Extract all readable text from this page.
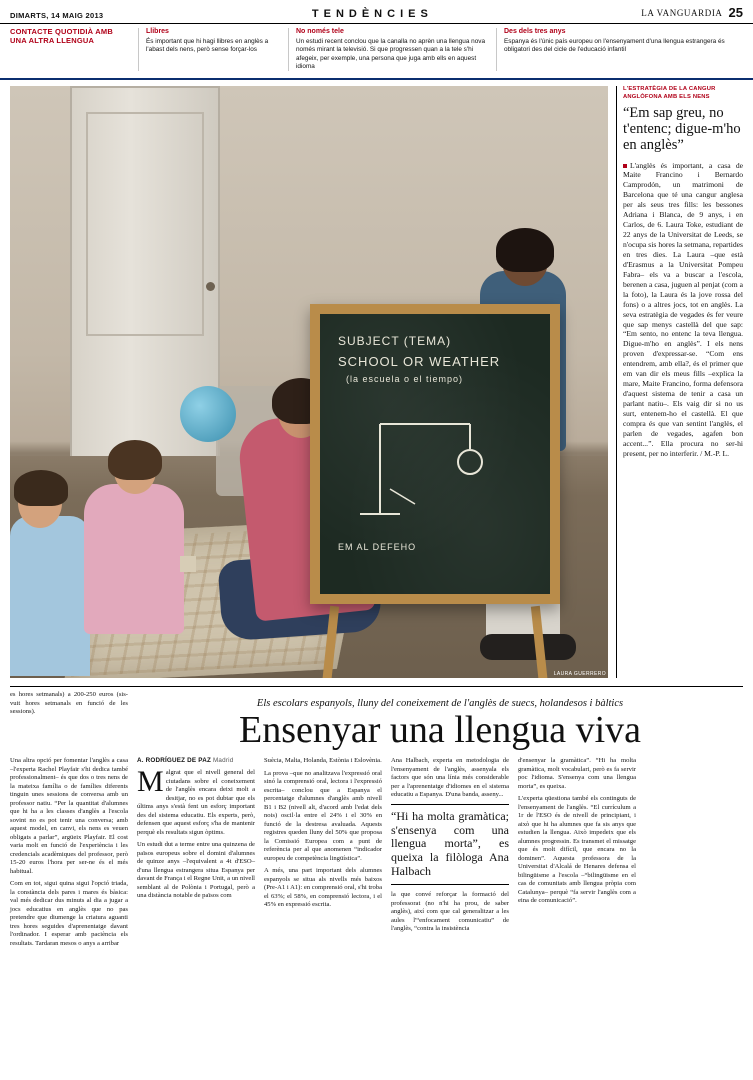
DIMARTS, 14 MAIG 2013	TENDÈNCIES	LA VANGUARDIA 25
CONTACTE QUOTIDIÀ AMB UNA ALTRA LLENGUA
Llibres
És important que hi hagi llibres en anglès a l'abast dels nens, però sense forçar-los
No només tele
Un estudi recent conclou que la canalla no aprèn una llengua nova només mirant la televisió. Si que progressen quan a la tele s'hi afegeix, per exemple, una persona que juga amb ells en aquest idioma
Des dels tres anys
Espanya és l'únic país europeu on l'ensenyament d'una llengua estrangera és obligatori des del cicle de l'educació infantil
SUBJECT (TEMA)
SCHOOL OR WEATHER
(la escuela o el tiempo)
EM AL DEFEHO
LAURA GUERRERO
L'ESTRATÈGIA DE LA CANGUR ANGLÒFONA AMB ELS NENS
“Em sap greu, no t'entenc; digue-m'ho en anglès”
L'anglès és important, a casa de Maite Francino i Bernardo Camprodón, un matrimoni de Barcelona que té una cangur anglesa per als seus tres fills: les bessones Adriana i Blanca, de 9 anys, i en Carlos, de 6. Laura Toke, estudiant de 22 anys de la Universitat de Leeds, se n'ocupa sis hores la setmana, repartides en tres dies. La Laura –que està d'Erasmus a la Universitat Pompeu Fabra– els va a buscar a l'escola, berenen a casa, juguen al penjat (com a la foto), la Laura és la jove rossa del fons) o a altres jocs, tot en anglès. La seva estratègia de vegades és fer veure que sap menys castellà del que sap: “Em sento, no entenc la teva llengua. Digue-m'ho en anglès”. I els nens proven d'expressar-se. “Com ens entendrem, amb ella?, és el primer que em van dir els meus fills –explica la mare, Maite Francino, forma defensora d'aquest sistema de tenir a casa un parlant natiu–. Els vaig dir si no us surt, entenem-ho el castellà. El que compra és que van sentint l'anglès, el parlen de vegades, agafen bon accent...”. Ella procura no ser-hi present, per no interferir. / M.-P. L.

es hores setmanals) a 200-250 euros (sis-vuit hores setmanals en funció de les sessions).

Els escolars espanyols, lluny del coneixement de l'anglès de suecs, holandesos i bàltics
Ensenyar una llengua viva

Una altra opció per fomentar l'anglès a casa –l'experta Rachel Playfair s'hi dedica també professionalment– és que dos o tres nens de la mateixa família o de famílies diferents tinguin unes sessions de conversa amb un professor natiu. “Per la quantitat d'alumnes que hi ha a les classes d'anglès a l'escola sovint no es pot tenir una conversa; amb aquest model, en canvi, els nens es veuen obligats a parlar”, argüeix Playfair. El cost varia molt en funció de l'experiència i les credencials acadèmiques del professor, però 15-20 euros l'hora per ser-ne és el més habitual.

Com en tot, sigui quina sigui l'opció triada, la constància dels pares i mares és bàsica: val més dedicar dus minuts al dia a jugar a jocs educatius en anglès que no pas pretendre que diumenge la criatura aguanti tres hores seguides d'aprenentatge davant l'ordinador. I esperar amb paciència els resultats. Tardaran mesos o anys a arribar

A. RODRÍGUEZ DE PAZ Madrid

Malgrat que el nivell general del ciutadans sobre el coneixement de l'anglès encara deixi molt a desitjar, no es pot dubtar que els últims anys s'està fent un esforç important des del sistema educatiu. Els experts, però, defensen que aquest esforç s'ha de mantenir perquè els resultats sigun òptims.

Un estudi dut a terme entre una quinzena de països europeus sobre el domini d'alumnes de quinze anys –l'equivalent a 4t d'ESO– d'una llengua estrangera situa Espanya per davant de França i el Regne Unit, a un nivell semblant al de Polònia i Portugal, però a una distància notable de països com

Suècia, Malta, Holanda, Estònia i Eslovènia.

La prova –que no analitzava l'expressió oral sinó la comprensió oral, lectora i l'expressió escrita– conclou que a Espanya el percentatge d'alumnes d'anglès amb nivell B1 i B2 (nivell alt, d'acord amb l'edat dels nois) oscil·la entre el 24% i el 30% en funció de la destresa avaluada. Aquests registres queden lluny del 50% que proposa la Comissió Europea com a punt de referència per al que anomenen “indicador europeu de competència lingüística”.

A més, una part important dels alumnes espanyols se situa als nivells més baixos (Pre-A1 i A1): en comprensió oral, s'hi troba el 63%; el 58%, en comprensió lectora, i el 45% en expressió escrita.

Ana Halbach, experta en metodologia de l'ensenyament de l'anglès, assenyala els factors que són una línia més considerable per a l'aprenentatge d'idiomes en el sistema educatiu a Espanya. D'una banda, asseny...

“Hi ha molta gramàtica; s'ensenya com una llengua morta”, es queixa la filòloga Ana Halbach

la que convé reforçar la formació del professorat (no n'hi ha prou, de saber anglès), així com que cal generalitzar a les aules l'“enfocament comunicatiu” de l'anglès, “contra la insistència

d'ensenyar la gramàtica”. “Hi ha molta gramàtica, molt vocabulari, però es fa servir poc l'idioma. S'ensenya com una llengua morta”, es queixa.

L'experta qüestiona també els continguts de l'ensenyament de l'anglès. “El currículum a 1r de l'ESO és de nivell de principiant, i això que hi ha alumnes que fa sis anys que estudien la llengua. Això impedeix que els alumnes progressin. Es transmet el missatge que és molt difícil, que encara no la dominen”. Aquesta professora de la Universitat d'Alcalá de Henares defensa el bilingüisme a l'escola –“bilingüisme en el cas de comunitats amb llengua pròpia com Catalunya– perquè “fa servir l'anglès com a eina de comunicació”.
